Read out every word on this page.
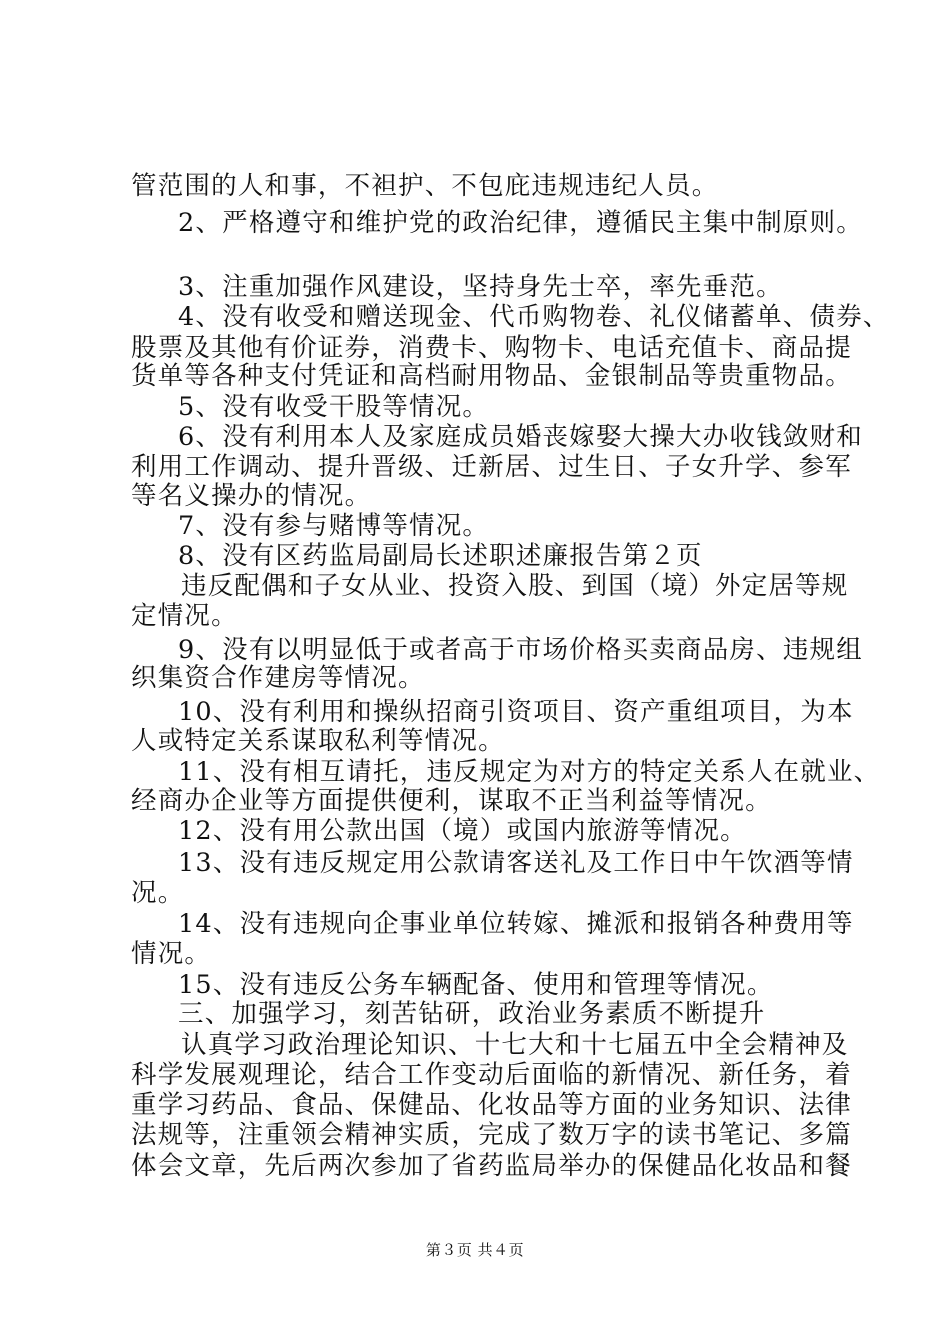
管范围的人和事，不袒护、不包庇违规违纪人员。
2、严格遵守和维护党的政治纪律，遵循民主集中制原则。
3、注重加强作风建设，坚持身先士卒，率先垂范。
4、没有收受和赠送现金、代币购物卷、礼仪储蓄单、债券、
股票及其他有价证券，消费卡、购物卡、电话充值卡、商品提
货单等各种支付凭证和高档耐用物品、金银制品等贵重物品。
5、没有收受干股等情况。
6、没有利用本人及家庭成员婚丧嫁娶大操大办收钱敛财和
利用工作调动、提升晋级、迁新居、过生日、子女升学、参军
等名义操办的情况。
7、没有参与赌博等情况。
8、没有区药监局副局长述职述廉报告第２页
违反配偶和子女从业、投资入股、到国（境）外定居等规
定情况。
9、没有以明显低于或者高于市场价格买卖商品房、违规组
织集资合作建房等情况。
10、没有利用和操纵招商引资项目、资产重组项目，为本
人或特定关系谋取私利等情况。
11、没有相互请托，违反规定为对方的特定关系人在就业、
经商办企业等方面提供便利，谋取不正当利益等情况。
12、没有用公款出国（境）或国内旅游等情况。
13、没有违反规定用公款请客送礼及工作日中午饮酒等情
况。
14、没有违规向企事业单位转嫁、摊派和报销各种费用等
情况。
15、没有违反公务车辆配备、使用和管理等情况。
三、加强学习，刻苦钻研，政治业务素质不断提升
认真学习政治理论知识、十七大和十七届五中全会精神及
科学发展观理论，结合工作变动后面临的新情况、新任务，着
重学习药品、食品、保健品、化妆品等方面的业务知识、法律
法规等，注重领会精神实质，完成了数万字的读书笔记、多篇
体会文章，先后两次参加了省药监局举办的保健品化妆品和餐
第３页 共４页
